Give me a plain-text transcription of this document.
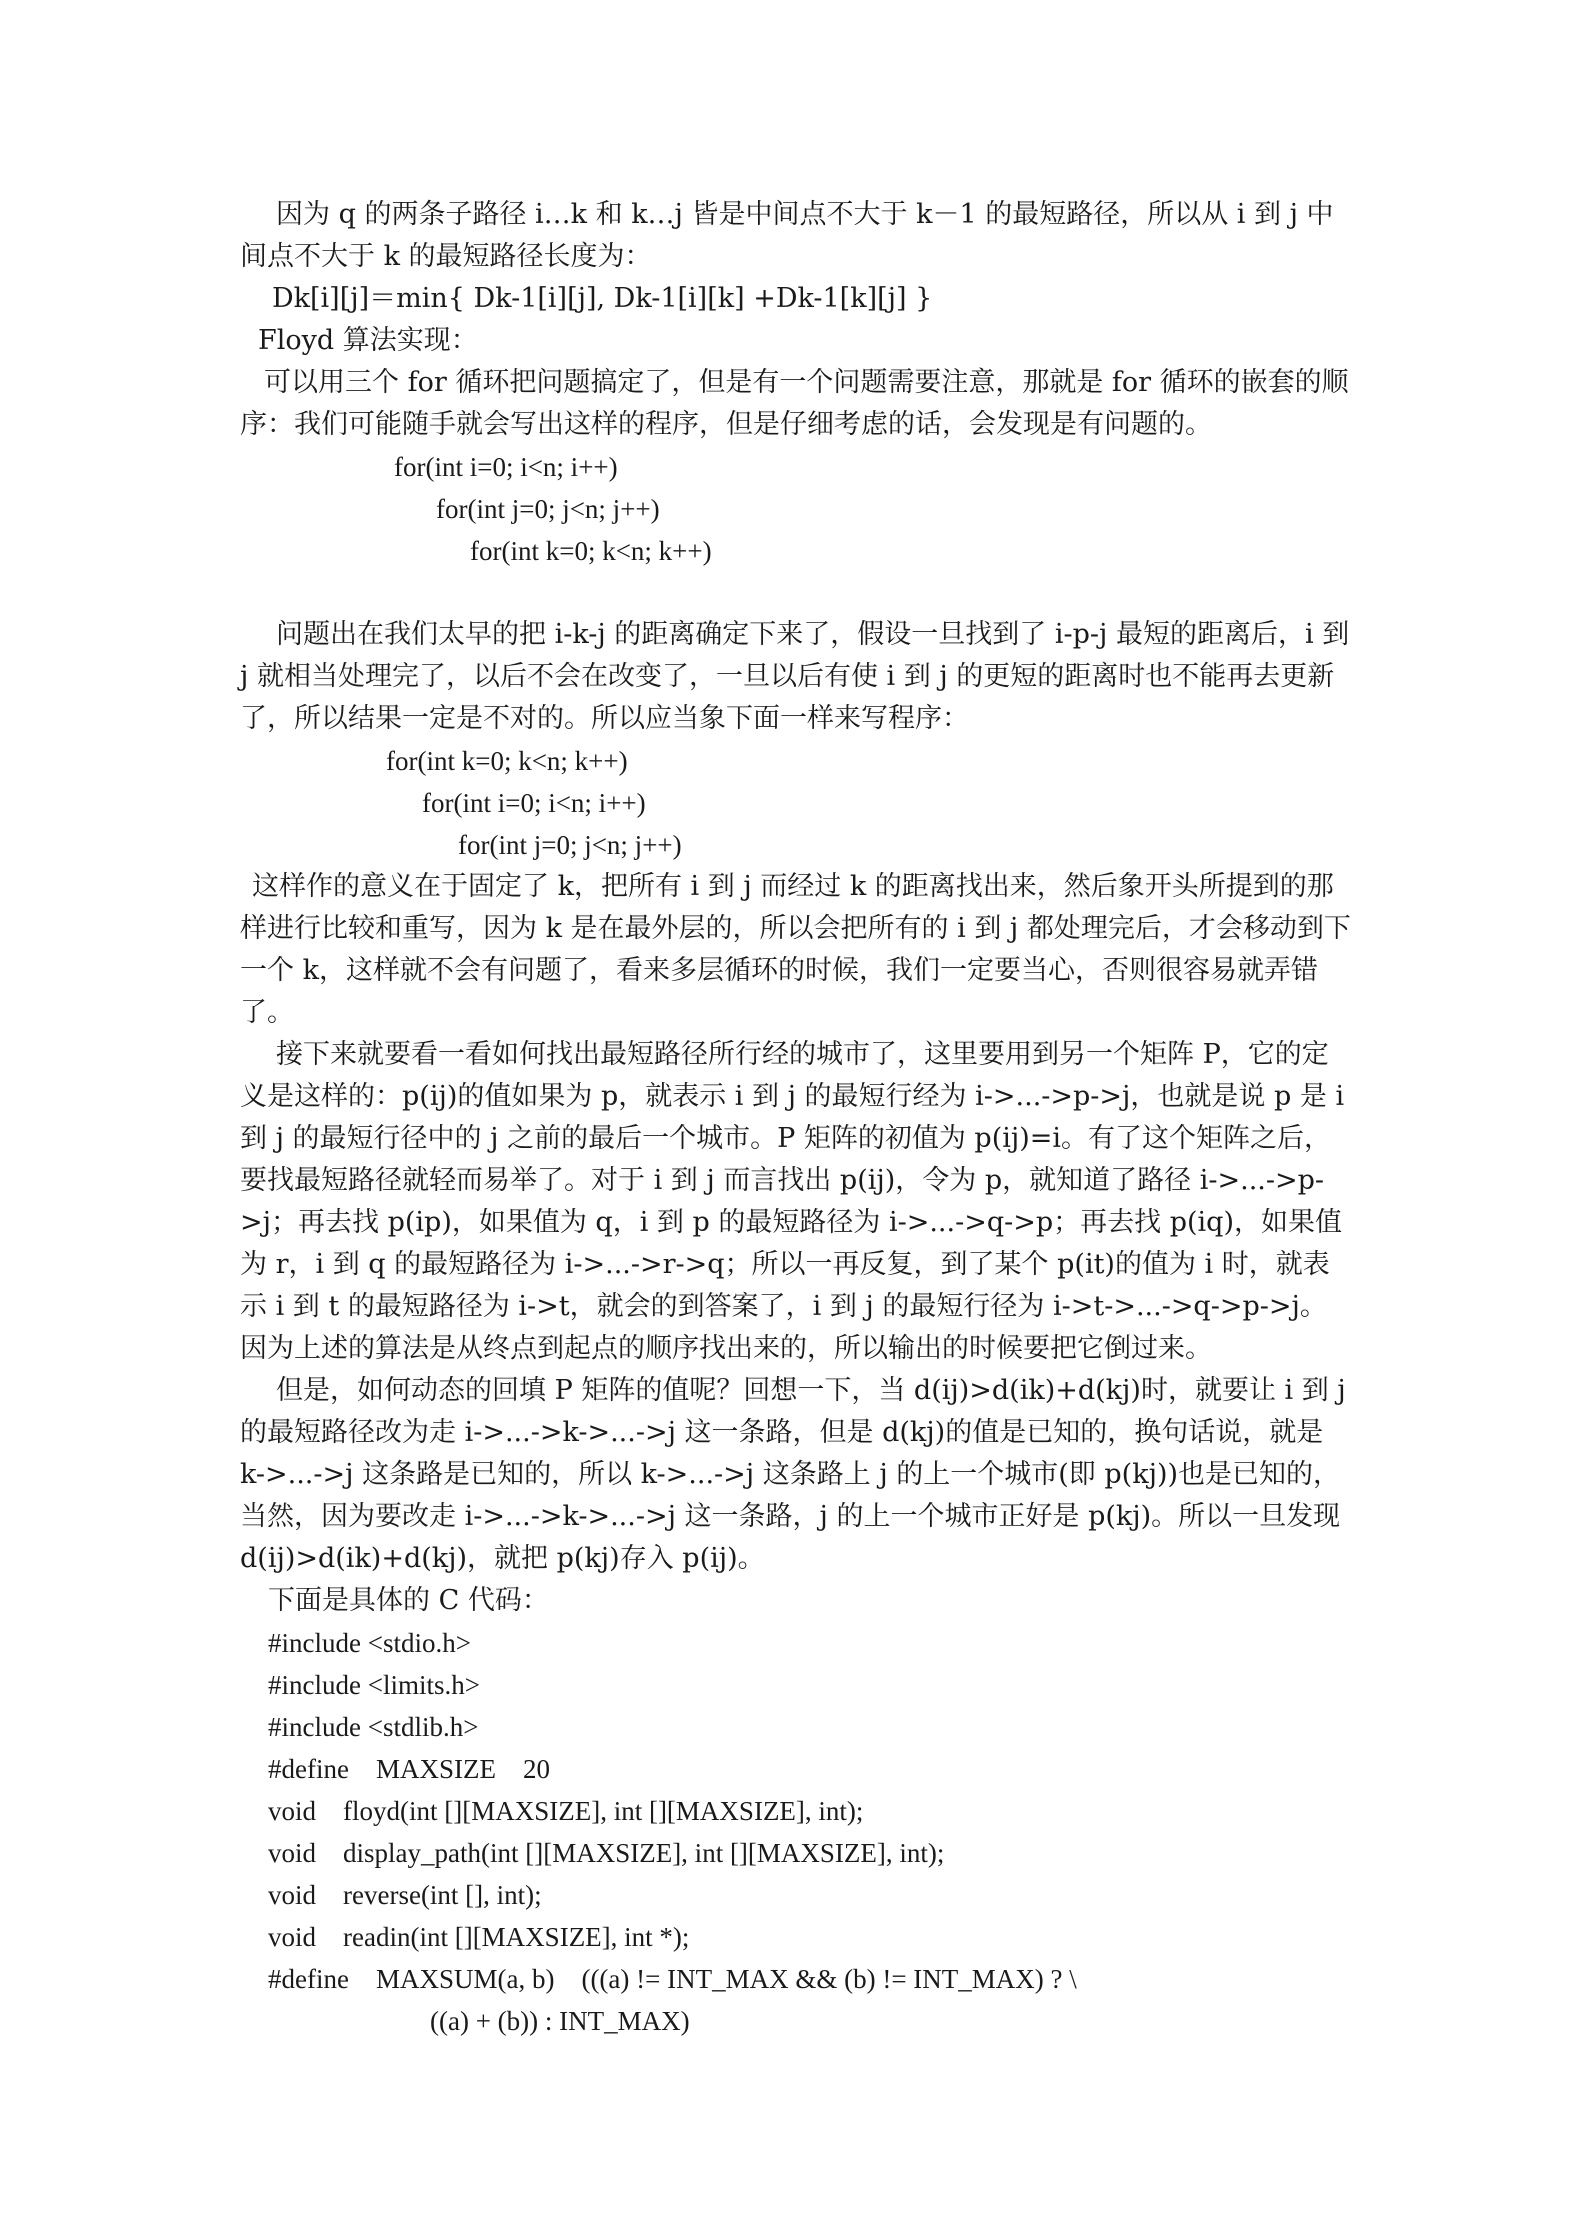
因为 q 的两条子路径 i…k 和 k…j 皆是中间点不大于 k－1 的最短路径，所以从 i 到 j 中间点不大于 k 的最短路径长度为：
Dk[i][j]＝min{ Dk-1[i][j], Dk-1[i][k] +Dk-1[k][j] }
Floyd 算法实现：
可以用三个 for 循环把问题搞定了，但是有一个问题需要注意，那就是 for 循环的嵌套的顺序：我们可能随手就会写出这样的程序，但是仔细考虑的话，会发现是有问题的。
for(int i=0; i<n; i++)
for(int j=0; j<n; j++)
for(int k=0; k<n; k++)
问题出在我们太早的把 i-k-j 的距离确定下来了，假设一旦找到了 i-p-j 最短的距离后，i 到 j 就相当处理完了，以后不会在改变了，一旦以后有使 i 到 j 的更短的距离时也不能再去更新了，所以结果一定是不对的。所以应当象下面一样来写程序：
for(int k=0; k<n; k++)
for(int i=0; i<n; i++)
for(int j=0; j<n; j++)
这样作的意义在于固定了 k，把所有 i 到 j 而经过 k 的距离找出来，然后象开头所提到的那样进行比较和重写，因为 k 是在最外层的，所以会把所有的 i 到 j 都处理完后，才会移动到下一个 k，这样就不会有问题了，看来多层循环的时候，我们一定要当心，否则很容易就弄错了。
接下来就要看一看如何找出最短路径所行经的城市了，这里要用到另一个矩阵 P，它的定义是这样的：p(ij)的值如果为 p，就表示 i 到 j 的最短行经为 i->...->p->j，也就是说 p 是 i 到 j 的最短行径中的 j 之前的最后一个城市。P 矩阵的初值为 p(ij)=i。有了这个矩阵之后，要找最短路径就轻而易举了。对于 i 到 j 而言找出 p(ij)，令为 p，就知道了路径 i->...->p->j；再去找 p(ip)，如果值为 q，i 到 p 的最短路径为 i->...->q->p；再去找 p(iq)，如果值为 r，i 到 q 的最短路径为 i->...->r->q；所以一再反复，到了某个 p(it)的值为 i 时，就表示 i 到 t 的最短路径为 i->t，就会的到答案了，i 到 j 的最短行径为 i->t->...->q->p->j。因为上述的算法是从终点到起点的顺序找出来的，所以输出的时候要把它倒过来。
但是，如何动态的回填 P 矩阵的值呢？回想一下，当 d(ij)>d(ik)+d(kj)时，就要让 i 到 j 的最短路径改为走 i->...->k->...->j 这一条路，但是 d(kj)的值是已知的，换句话说，就是 k->...->j 这条路是已知的，所以 k->...->j 这条路上 j 的上一个城市(即 p(kj))也是已知的，当然，因为要改走 i->...->k->...->j 这一条路，j 的上一个城市正好是 p(kj)。所以一旦发现 d(ij)>d(ik)+d(kj)，就把 p(kj)存入 p(ij)。
下面是具体的 C 代码：
#include <stdio.h>
#include <limits.h>
#include <stdlib.h>
#define    MAXSIZE    20
void    floyd(int [][MAXSIZE], int [][MAXSIZE], int);
void    display_path(int [][MAXSIZE], int [][MAXSIZE], int);
void    reverse(int [], int);
void    readin(int [][MAXSIZE], int *);
#define    MAXSUM(a, b)    (((a) != INT_MAX && (b) != INT_MAX) ? \
((a) + (b)) : INT_MAX)
